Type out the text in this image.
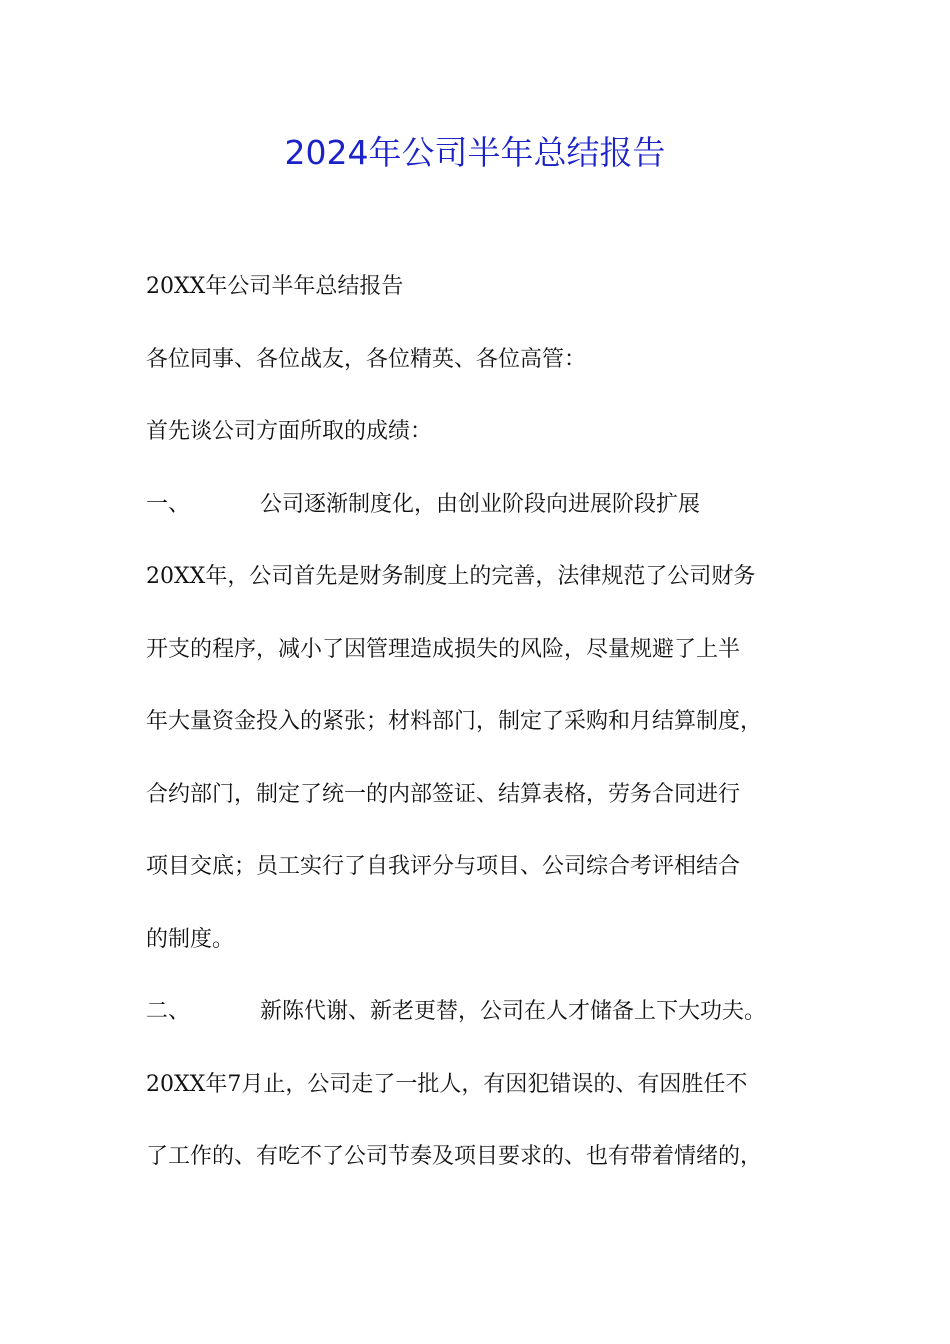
2024年公司半年总结报告
20XX年公司半年总结报告
各位同事、各位战友，各位精英、各位高管：
首先谈公司方面所取的成绩：
一、	公司逐渐制度化，由创业阶段向进展阶段扩展
20XX年，公司首先是财务制度上的完善，法律规范了公司财务
开支的程序，减小了因管理造成损失的风险，尽量规避了上半
年大量资金投入的紧张；材料部门，制定了采购和月结算制度，
合约部门，制定了统一的内部签证、结算表格，劳务合同进行
项目交底；员工实行了自我评分与项目、公司综合考评相结合
的制度。
二、	新陈代谢、新老更替，公司在人才储备上下大功夫。
20XX年7月止，公司走了一批人，有因犯错误的、有因胜任不
了工作的、有吃不了公司节奏及项目要求的、也有带着情绪的，
